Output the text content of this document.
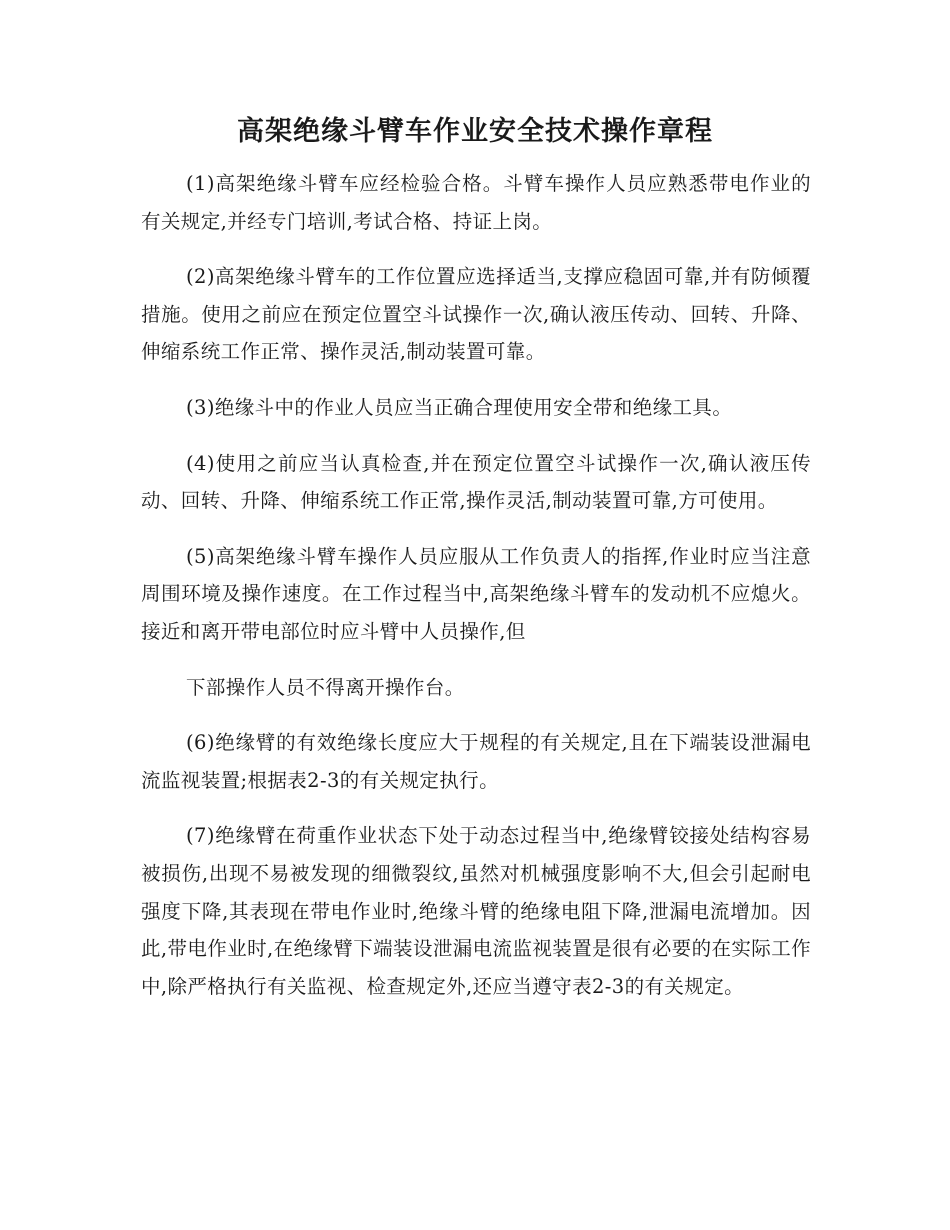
高架绝缘斗臂车作业安全技术操作章程

(1)高架绝缘斗臂车应经检验合格。斗臂车操作人员应熟悉带电作业的有关规定,并经专门培训,考试合格、持证上岗。

(2)高架绝缘斗臂车的工作位置应选择适当,支撑应稳固可靠,并有防倾覆措施。使用之前应在预定位置空斗试操作一次,确认液压传动、回转、升降、伸缩系统工作正常、操作灵活,制动装置可靠。

(3)绝缘斗中的作业人员应当正确合理使用安全带和绝缘工具。

(4)使用之前应当认真检查,并在预定位置空斗试操作一次,确认液压传动、回转、升降、伸缩系统工作正常,操作灵活,制动装置可靠,方可使用。

(5)高架绝缘斗臂车操作人员应服从工作负责人的指挥,作业时应当注意周围环境及操作速度。在工作过程当中,高架绝缘斗臂车的发动机不应熄火。接近和离开带电部位时应斗臂中人员操作,但

下部操作人员不得离开操作台。

(6)绝缘臂的有效绝缘长度应大于规程的有关规定,且在下端装设泄漏电流监视装置;根据表2-3的有关规定执行。

(7)绝缘臂在荷重作业状态下处于动态过程当中,绝缘臂铰接处结构容易被损伤,出现不易被发现的细微裂纹,虽然对机械强度影响不大,但会引起耐电强度下降,其表现在带电作业时,绝缘斗臂的绝缘电阻下降,泄漏电流增加。因此,带电作业时,在绝缘臂下端装设泄漏电流监视装置是很有必要的在实际工作中,除严格执行有关监视、检查规定外,还应当遵守表2-3的有关规定。
